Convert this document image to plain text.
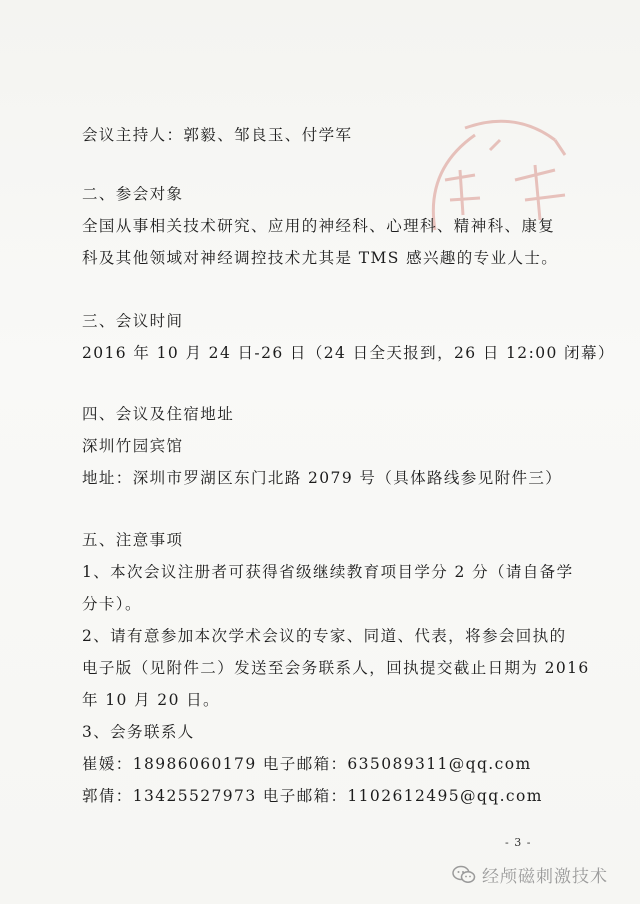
会议主持人：郭毅、邹良玉、付学军
二、参会对象
全国从事相关技术研究、应用的神经科、心理科、精神科、康复
科及其他领域对神经调控技术尤其是 TMS 感兴趣的专业人士。
三、会议时间
2016 年 10 月 24 日-26 日（24 日全天报到，26 日 12:00 闭幕）
四、会议及住宿地址
深圳竹园宾馆
地址：深圳市罗湖区东门北路 2079 号（具体路线参见附件三）
五、注意事项
1、本次会议注册者可获得省级继续教育项目学分 2 分（请自备学
分卡）。
2、请有意参加本次学术会议的专家、同道、代表，将参会回执的
电子版（见附件二）发送至会务联系人，回执提交截止日期为 2016
年 10 月 20 日。
3、会务联系人
崔媛：18986060179 电子邮箱：635089311@qq.com
郭倩：13425527973 电子邮箱：1102612495@qq.com
- 3 -
经颅磁刺激技术
